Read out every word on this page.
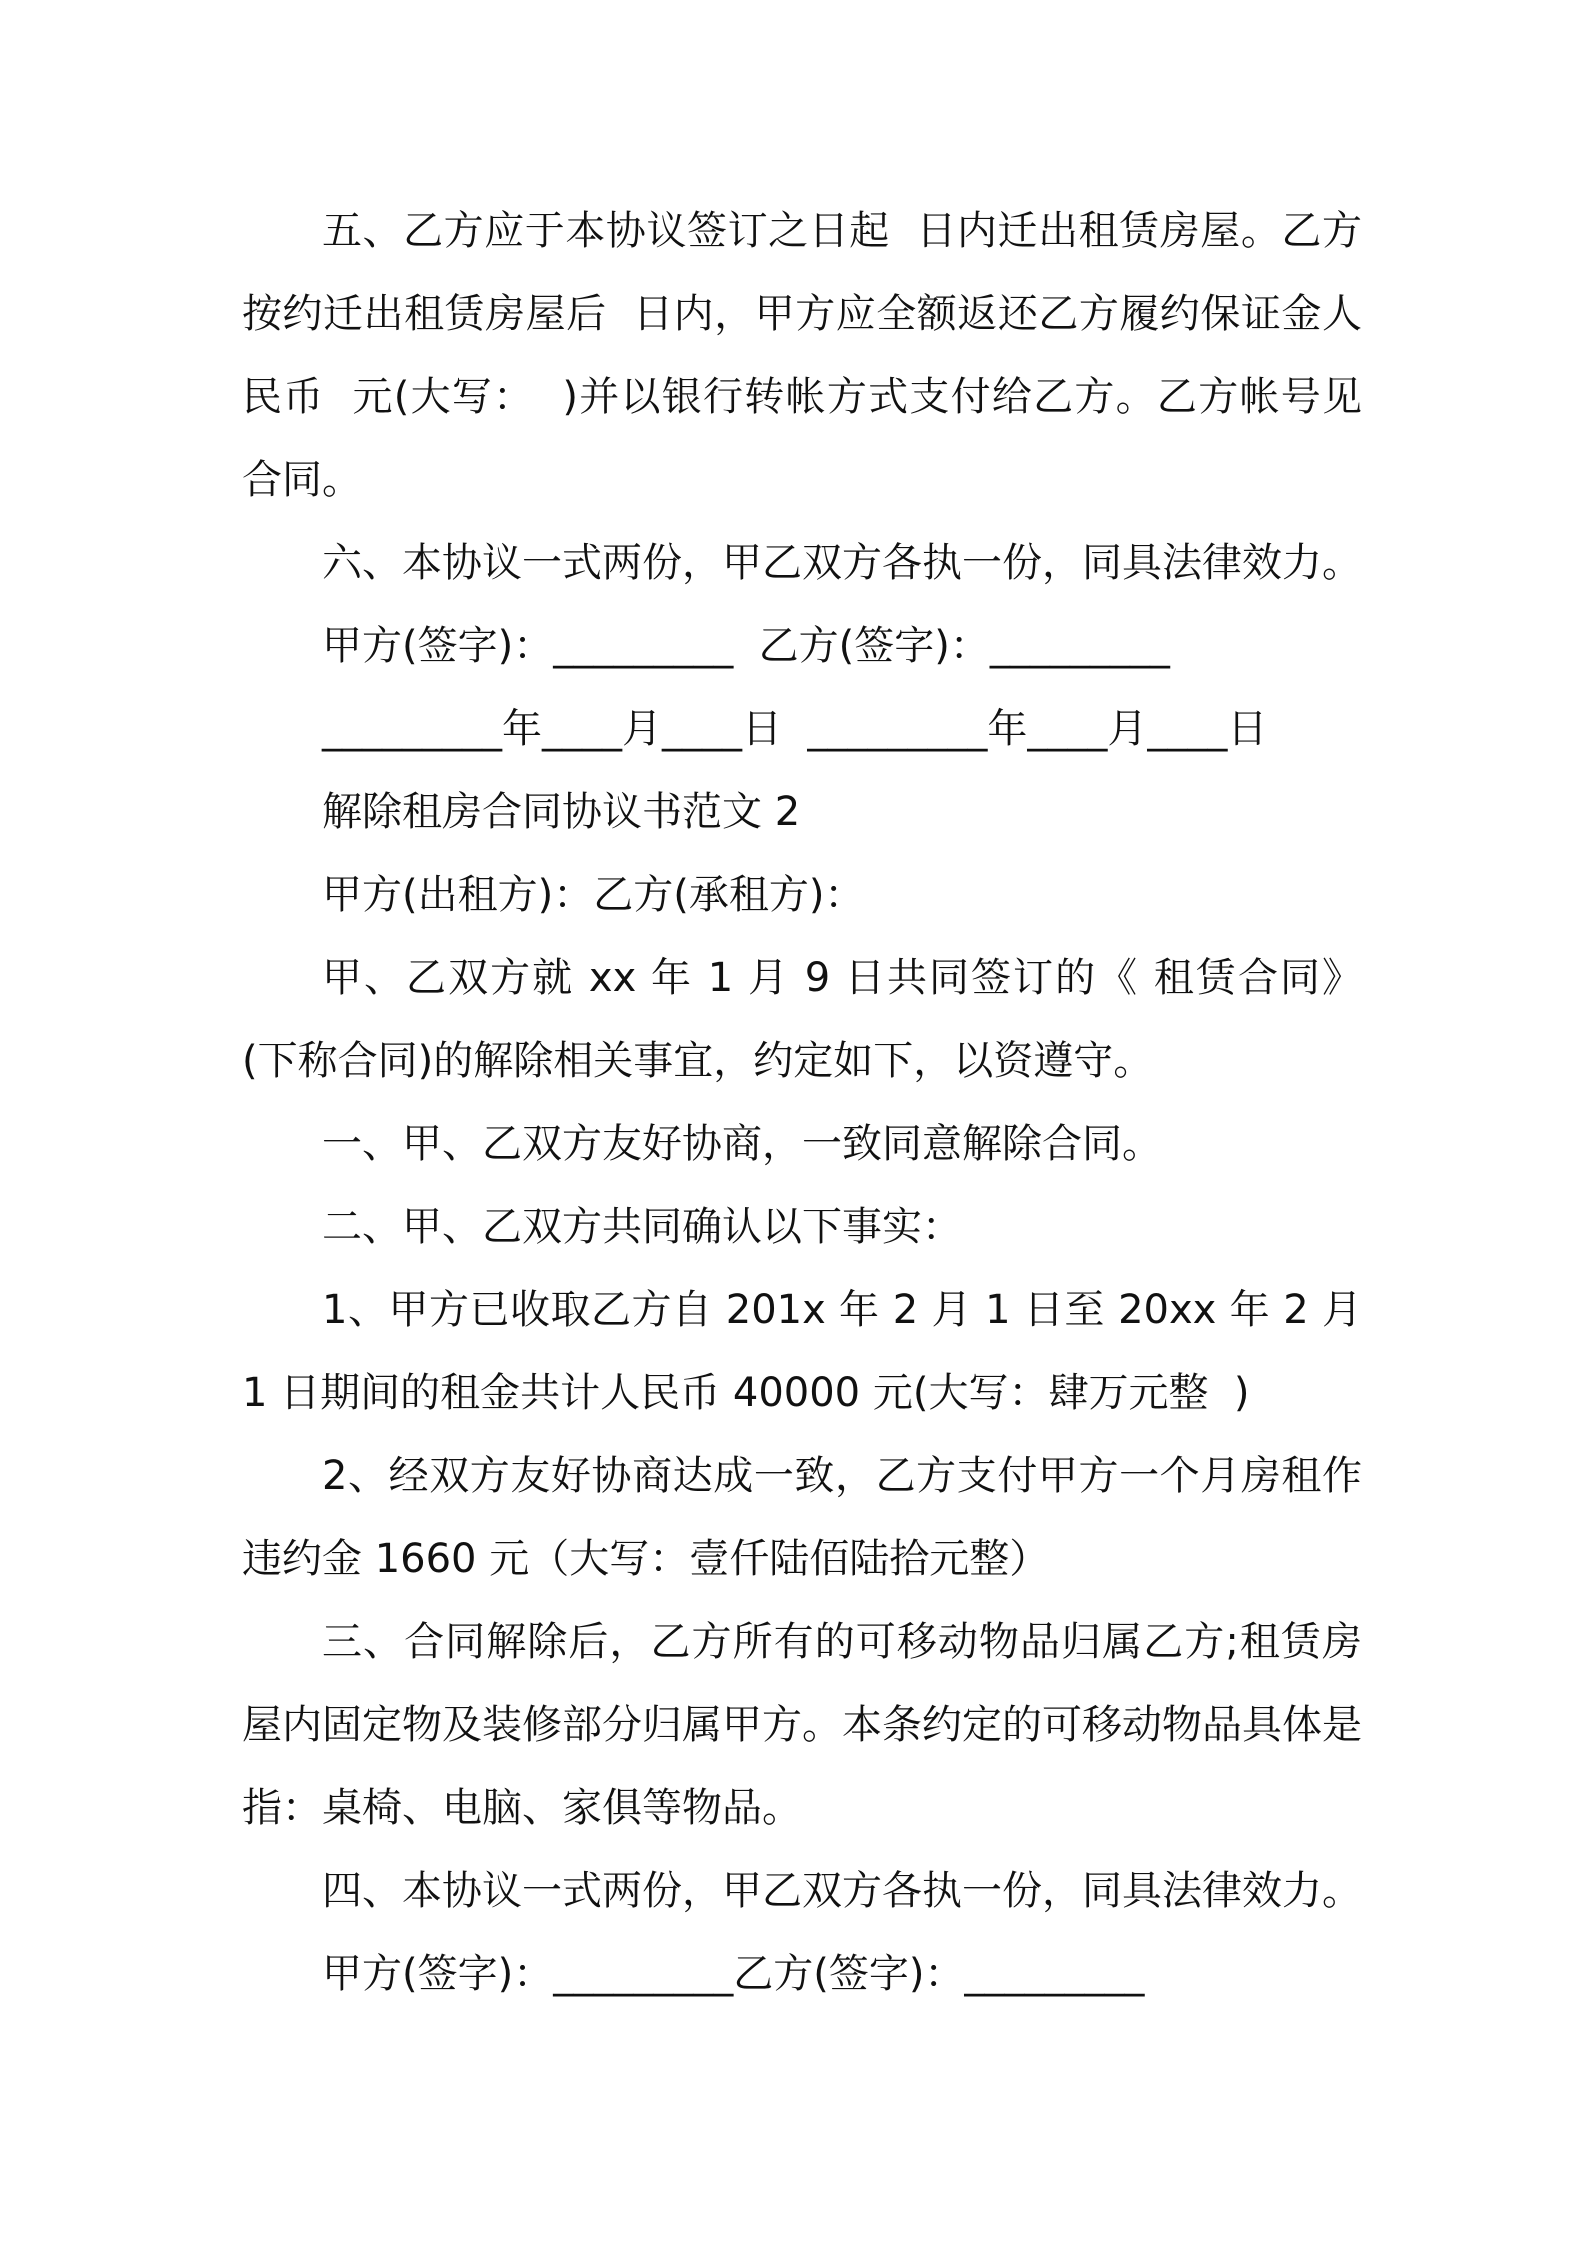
五、乙方应于本协议签订之日起  日内迁出租赁房屋。乙方按约迁出租赁房屋后  日内，甲方应全额返还乙方履约保证金人民币  元(大写：  )并以银行转帐方式支付给乙方。乙方帐号见合同。

六、本协议一式两份，甲乙双方各执一份，同具法律效力。

甲方(签字)：_________  乙方(签字)：_________

_________年____月____日  _________年____月____日

解除租房合同协议书范文 2

甲方(出租方)：乙方(承租方)：

甲、乙双方就 xx 年 1 月 9 日共同签订的《 租赁合同》(下称合同)的解除相关事宜，约定如下，以资遵守。

一、甲、乙双方友好协商，一致同意解除合同。

二、甲、乙双方共同确认以下事实：

1、甲方已收取乙方自 201x 年 2 月 1 日至 20xx 年 2 月 1 日期间的租金共计人民币 40000 元(大写：肆万元整  )

2、经双方友好协商达成一致，乙方支付甲方一个月房租作违约金 1660 元（大写：壹仟陆佰陆拾元整）

三、合同解除后，乙方所有的可移动物品归属乙方;租赁房屋内固定物及装修部分归属甲方。本条约定的可移动物品具体是指：桌椅、电脑、家俱等物品。

四、本协议一式两份，甲乙双方各执一份，同具法律效力。

甲方(签字)：_________乙方(签字)：_________
